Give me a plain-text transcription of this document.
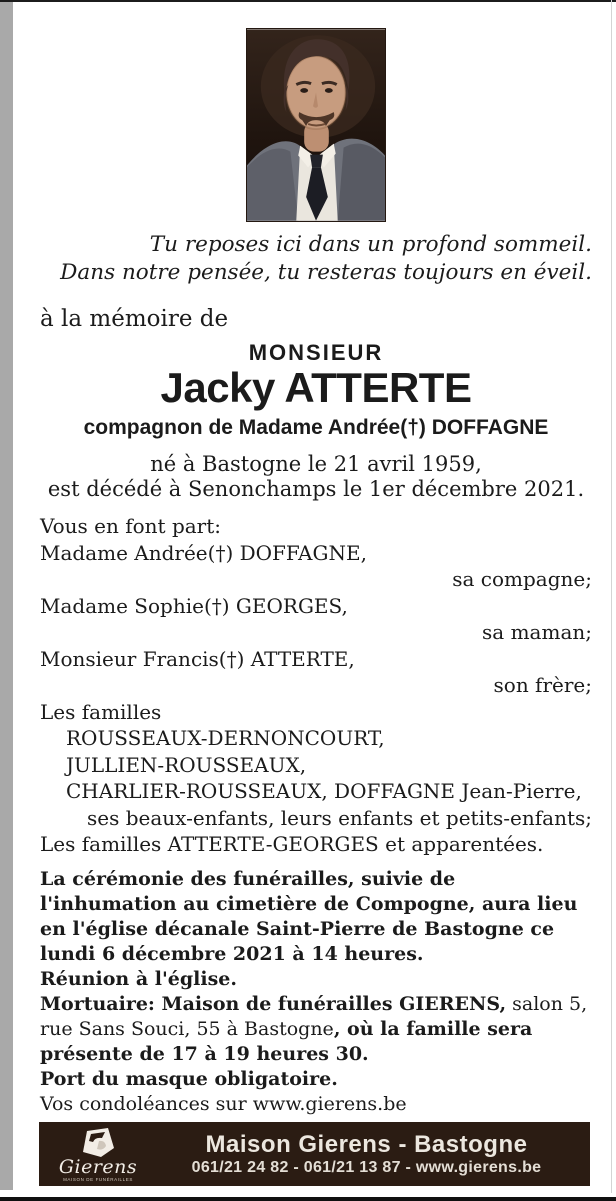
Tu reposes ici dans un profond sommeil.
Dans notre pensée, tu resteras toujours en éveil.
à la mémoire de
MONSIEUR
Jacky ATTERTE
compagnon de Madame Andrée(†) DOFFAGNE
né à Bastogne le 21 avril 1959,
est décédé à Senonchamps le 1er décembre 2021.
Vous en font part:
Madame Andrée(†) DOFFAGNE,
sa compagne;
Madame Sophie(†) GEORGES,
sa maman;
Monsieur Francis(†) ATTERTE,
son frère;
Les familles
ROUSSEAUX-DERNONCOURT,
JULLIEN-ROUSSEAUX,
CHARLIER-ROUSSEAUX, DOFFAGNE Jean-Pierre,
ses beaux-enfants, leurs enfants et petits-enfants;
Les familles ATTERTE-GEORGES et apparentées.
La cérémonie des funérailles, suivie de l'inhumation au cimetière de Compogne, aura lieu en l'église décanale Saint-Pierre de Bastogne ce lundi 6 décembre 2021 à 14 heures.
Réunion à l'église.
Mortuaire: Maison de funérailles GIERENS, salon 5, rue Sans Souci, 55 à Bastogne, où la famille sera présente de 17 à 19 heures 30.
Port du masque obligatoire.
Vos condoléances sur www.gierens.be
Gierens
MAISON DE FUNÉRAILLES
Maison Gierens - Bastogne
061/21 24 82 - 061/21 13 87 - www.gierens.be
